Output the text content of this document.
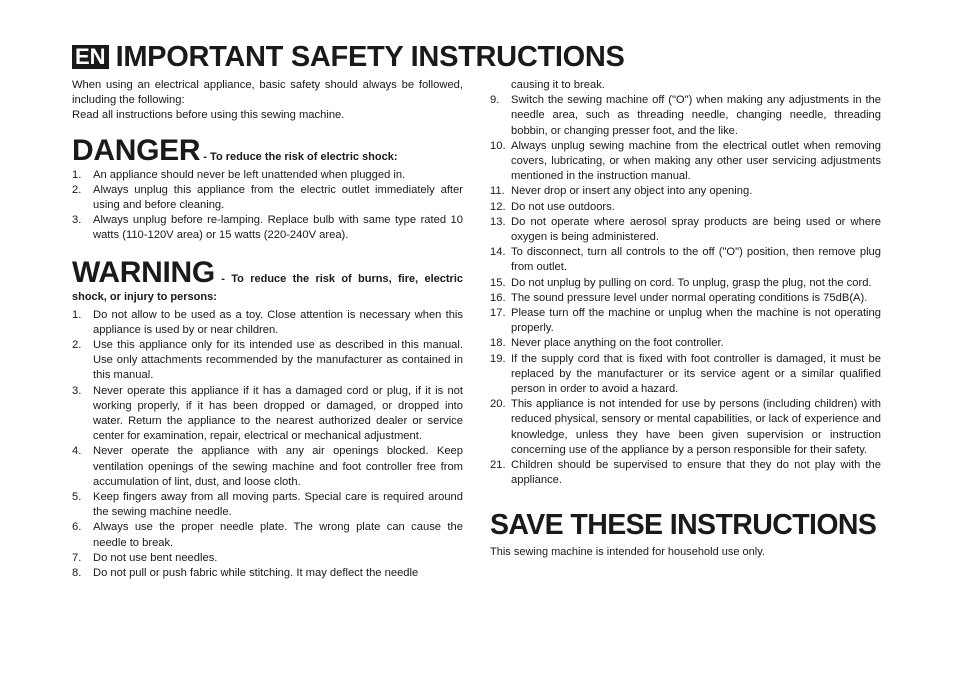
EN IMPORTANT SAFETY INSTRUCTIONS

When using an electrical appliance, basic safety should always be followed, including the following:

Read all instructions before using this sewing machine.

DANGER - To reduce the risk of electric shock:
1.	An appliance should never be left unattended when plugged in.
2.	Always unplug this appliance from the electric outlet immediately after using and before cleaning.
3.	Always unplug before re-lamping. Replace bulb with same type rated 10 watts (110-120V area) or 15 watts (220-240V area).
WARNING - To reduce the risk of burns, fire, electric shock, or injury to persons:
1.	Do not allow to be used as a toy. Close attention is necessary when this appliance is used by or near children.
2.	Use this appliance only for its intended use as described in this manual. Use only attachments recommended by the manufacturer as contained in this manual.
3.	Never operate this appliance if it has a damaged cord or plug, if it is not working properly, if it has been dropped or damaged, or dropped into water. Return the appliance to the nearest authorized dealer or service center for examination, repair, electrical or mechanical adjustment.
4.	Never operate the appliance with any air openings blocked. Keep ventilation openings of the sewing machine and foot controller free from accumulation of lint, dust, and loose cloth.
5.	Keep fingers away from all moving parts. Special care is required around the sewing machine needle.
6.	Always use the proper needle plate. The wrong plate can cause the needle to break.
7.	Do not use bent needles.
8.	Do not pull or push fabric while stitching. It may deflect the needle

causing it to break.

9.	Switch the sewing machine off ("O") when making any adjustments in the needle area, such as threading needle, changing needle, threading bobbin, or changing presser foot, and the like.
10. Always unplug sewing machine from the electrical outlet when removing covers, lubricating, or when making any other user servicing adjustments mentioned in the instruction manual.
11. Never drop or insert any object into any opening.
12. Do not use outdoors.
13. Do not operate where aerosol spray products are being used or where oxygen is being administered.
14. To disconnect, turn all controls to the off ("O") position, then remove plug from outlet.
15. Do not unplug by pulling on cord. To unplug, grasp the plug, not the cord.
16. The sound pressure level under normal operating conditions is 75dB(A).
17. Please turn off the machine or unplug when the machine is not operating properly.
18. Never place anything on the foot controller.
19. If the supply cord that is fixed with foot controller is damaged, it must be replaced by the manufacturer or its service agent or a similar qualified person in order to avoid a hazard.
20. This appliance is not intended for use by persons (including children) with reduced physical, sensory or mental capabilities, or lack of experience and knowledge, unless they have been given supervision or instruction concerning use of the appliance by a person responsible for their safety.
21. Children should be supervised to ensure that they do not play with the appliance.
SAVE THESE INSTRUCTIONS

This sewing machine is intended for household use only.
